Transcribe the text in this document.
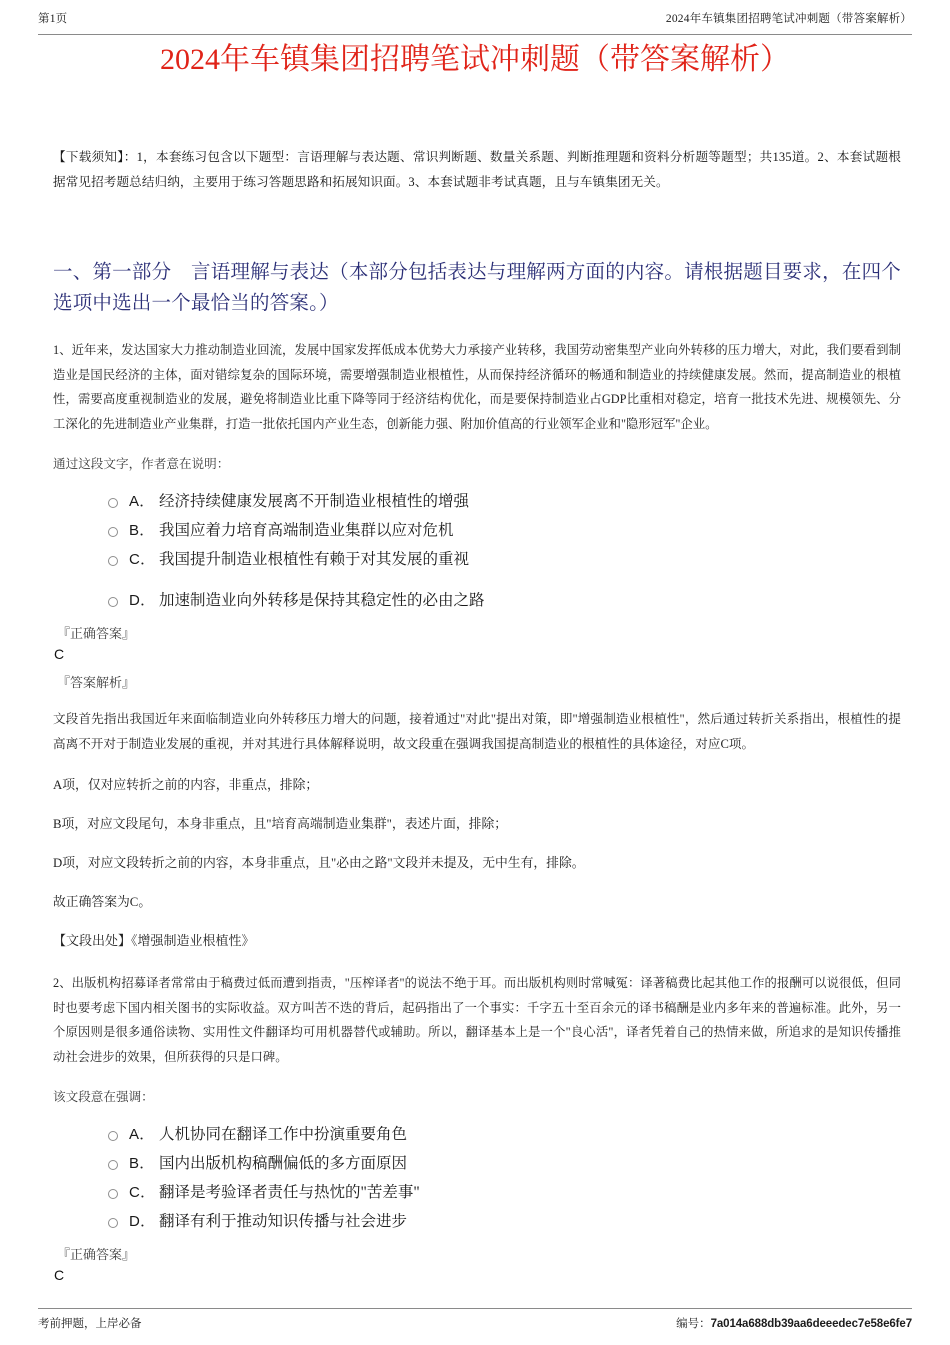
第1页	2024年车镇集团招聘笔试冲刺题（带答案解析）
2024年车镇集团招聘笔试冲刺题（带答案解析）
【下载须知】：1，本套练习包含以下题型：言语理解与表达题、常识判断题、数量关系题、判断推理题和资料分析题等题型；共135道。2、本套试题根据常见招考题总结归纳，主要用于练习答题思路和拓展知识面。3、本套试题非考试真题，且与车镇集团无关。
一、第一部分　言语理解与表达（本部分包括表达与理解两方面的内容。请根据题目要求，在四个选项中选出一个最恰当的答案。）
1、近年来，发达国家大力推动制造业回流，发展中国家发挥低成本优势大力承接产业转移，我国劳动密集型产业向外转移的压力增大，对此，我们要看到制造业是国民经济的主体，面对错综复杂的国际环境，需要增强制造业根植性，从而保持经济循环的畅通和制造业的持续健康发展。然而，提高制造业的根植性，需要高度重视制造业的发展，避免将制造业比重下降等同于经济结构优化，而是要保持制造业占GDP比重相对稳定，培育一批技术先进、规模领先、分工深化的先进制造业产业集群，打造一批依托国内产业生态，创新能力强、附加价值高的行业领军企业和"隐形冠军"企业。
通过这段文字，作者意在说明：
A． 经济持续健康发展离不开制造业根植性的增强
B． 我国应着力培育高端制造业集群以应对危机
C． 我国提升制造业根植性有赖于对其发展的重视
D． 加速制造业向外转移是保持其稳定性的必由之路
『正确答案』
C
『答案解析』
文段首先指出我国近年来面临制造业向外转移压力增大的问题，接着通过"对此"提出对策，即"增强制造业根植性"，然后通过转折关系指出，根植性的提高离不开对于制造业发展的重视，并对其进行具体解释说明，故文段重在强调我国提高制造业的根植性的具体途径，对应C项。
A项，仅对应转折之前的内容，非重点，排除；
B项，对应文段尾句，本身非重点，且"培育高端制造业集群"，表述片面，排除；
D项，对应文段转折之前的内容，本身非重点，且"必由之路"文段并未提及，无中生有，排除。
故正确答案为C。
【文段出处】《增强制造业根植性》
2、出版机构招募译者常常由于稿费过低而遭到指责，"压榨译者"的说法不绝于耳。而出版机构则时常喊冤：译著稿费比起其他工作的报酬可以说很低，但同时也要考虑下国内相关图书的实际收益。双方叫苦不迭的背后，起码指出了一个事实：千字五十至百余元的译书稿酬是业内多年来的普遍标准。此外，另一个原因则是很多通俗读物、实用性文件翻译均可用机器替代或辅助。所以，翻译基本上是一个"良心活"，译者凭着自己的热情来做，所追求的是知识传播推动社会进步的效果，但所获得的只是口碑。
该文段意在强调：
A． 人机协同在翻译工作中扮演重要角色
B． 国内出版机构稿酬偏低的多方面原因
C． 翻译是考验译者责任与热忱的"苦差事"
D． 翻译有利于推动知识传播与社会进步
『正确答案』
C
考前押题，上岸必备	编号：7a014a688db39aa6deeedec7e58e6fe7
